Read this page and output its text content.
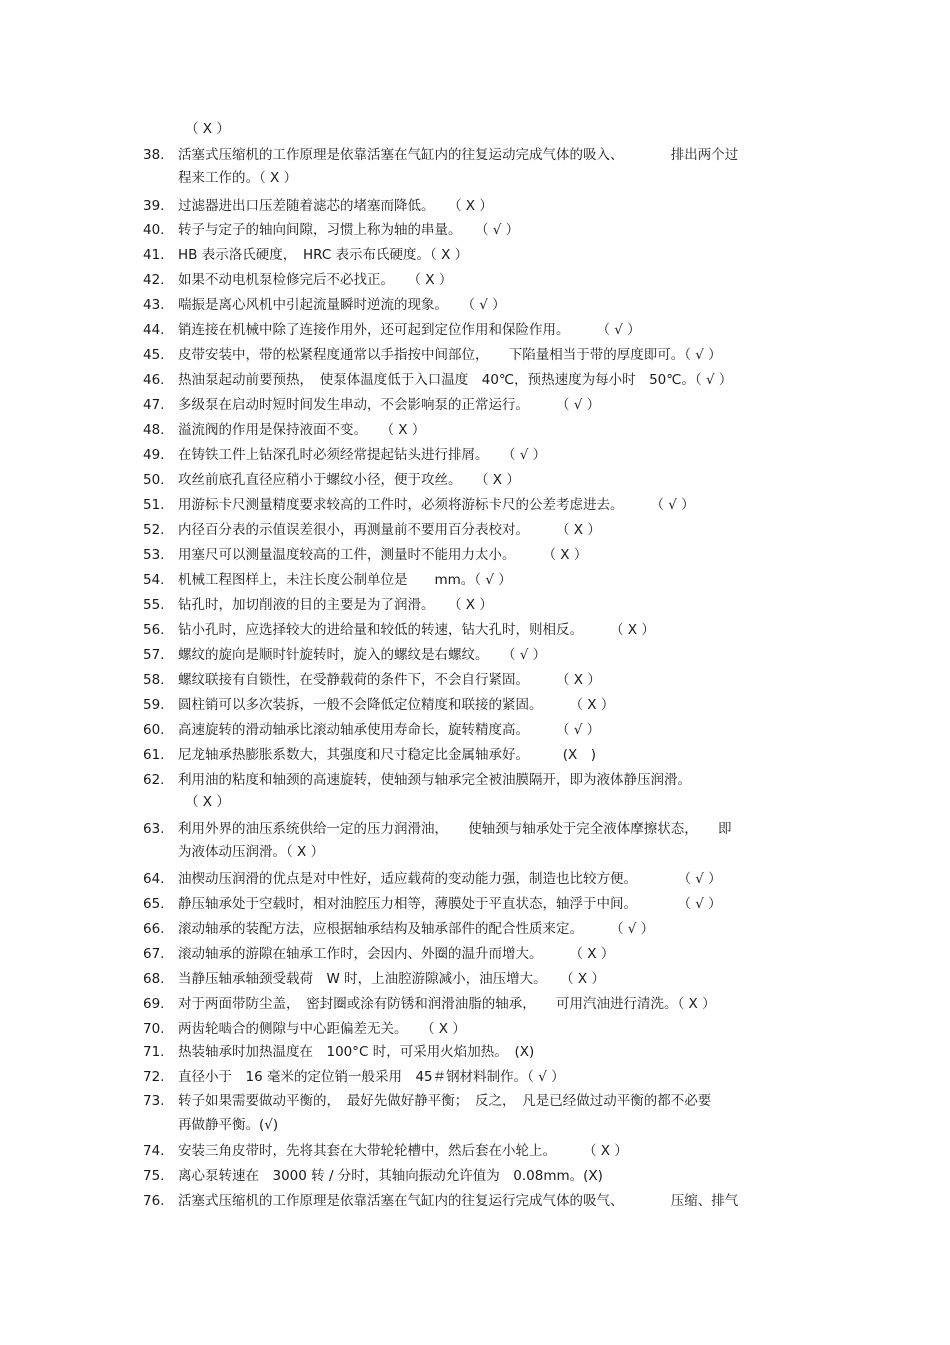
（ X ）
38.	活塞式压缩机的工作原理是依靠活塞在气缸内的往复运动完成气体的吸入、　　　　排出两个过
程来工作的。（ X ）
39.	过滤器进出口压差随着滤芯的堵塞而降低。　　（ X ）
40.	转子与定子的轴向间隙，习惯上称为轴的串量。　　（ √ ）
41.	HB 表示洛氏硬度，　HRC 表示布氏硬度。（ X ）
42.	如果不动电机泵检修完后不必找正。　　（ X ）
43.	喘振是离心风机中引起流量瞬时逆流的现象。　　（ √ ）
44.	销连接在机械中除了连接作用外，还可起到定位作用和保险作用。　　　（ √ ）
45.	皮带安装中，带的松紧程度通常以手指按中间部位，　　下陷量相当于带的厚度即可。（ √ ）
46.	热油泵起动前要预热，　使泵体温度低于入口温度　40℃，预热速度为每小时　50℃。（ √ ）
47.	多级泵在启动时短时间发生串动，不会影响泵的正常运行。　　　（ √ ）
48.	溢流阀的作用是保持液面不变。　　（ X ）
49.	在铸铁工件上钻深孔时必须经常提起钻头进行排屑。　　（ √ ）
50.	攻丝前底孔直径应稍小于螺纹小径，便于攻丝。　　（ X ）
51.	用游标卡尺测量精度要求较高的工件时，必须将游标卡尺的公差考虑进去。　　　（ √ ）
52.	内径百分表的示值误差很小，再测量前不要用百分表校对。　　　（ X ）
53.	用塞尺可以测量温度较高的工件，测量时不能用力太小。　　　（ X ）
54.	机械工程图样上，未注长度公制单位是　　mm。（ √ ）
55.	钻孔时，加切削液的目的主要是为了润滑。　　（ X ）
56.	钻小孔时，应选择较大的进给量和较低的转速，钻大孔时，则相反。　　　（ X ）
57.	螺纹的旋向是顺时针旋转时，旋入的螺纹是右螺纹。　　（ √ ）
58.	螺纹联接有自锁性，在受静载荷的条件下，不会自行紧固。　　　（ X ）
59.	圆柱销可以多次装拆，一般不会降低定位精度和联接的紧固。　　　（ X ）
60.	高速旋转的滑动轴承比滚动轴承使用寿命长，旋转精度高。　　　（ √ ）
61.	尼龙轴承热膨胀系数大，其强度和尺寸稳定比金属轴承好。　　　(X　)
62.	利用油的粘度和轴颈的高速旋转，使轴颈与轴承完全被油膜隔开，即为液体静压润滑。
（ X ）
63.	利用外界的油压系统供给一定的压力润滑油，　　使轴颈与轴承处于完全液体摩擦状态，　　即
为液体动压润滑。（ X ）
64.	油楔动压润滑的优点是对中性好，适应载荷的变动能力强，制造也比较方便。　　　　（ √ ）
65.	静压轴承处于空载时，相对油腔压力相等，薄膜处于平直状态，轴浮于中间。　　　　（ √ ）
66.	滚动轴承的装配方法，应根据轴承结构及轴承部件的配合性质来定。　　　（ √ ）
67.	滚动轴承的游隙在轴承工作时，会因内、外圈的温升而增大。　　　（ X ）
68.	当静压轴承轴颈受载荷　W 时，上油腔游隙减小，油压增大。　　（ X ）
69.	对于两面带防尘盖，　密封圈或涂有防锈和润滑油脂的轴承，　　可用汽油进行清洗。（ X ）
70.	两齿轮啮合的侧隙与中心距偏差无关。　　（ X ）
71.	热装轴承时加热温度在　100°C 时，可采用火焰加热。　(X)
72.	直径小于　16 毫米的定位销一般采用　45＃钢材料制作。（ √ ）
73.	转子如果需要做动平衡的，　最好先做好静平衡；　反之，　凡是已经做过动平衡的都不必要
再做静平衡。(√)
74.	安装三角皮带时，先将其套在大带轮轮槽中，然后套在小轮上。　　　（ X ）
75.	离心泵转速在　3000 转 / 分时，其轴向振动允许值为　0.08mm。(X)
76.	活塞式压缩机的工作原理是依靠活塞在气缸内的往复运行完成气体的吸气、　　　　压缩、排气
